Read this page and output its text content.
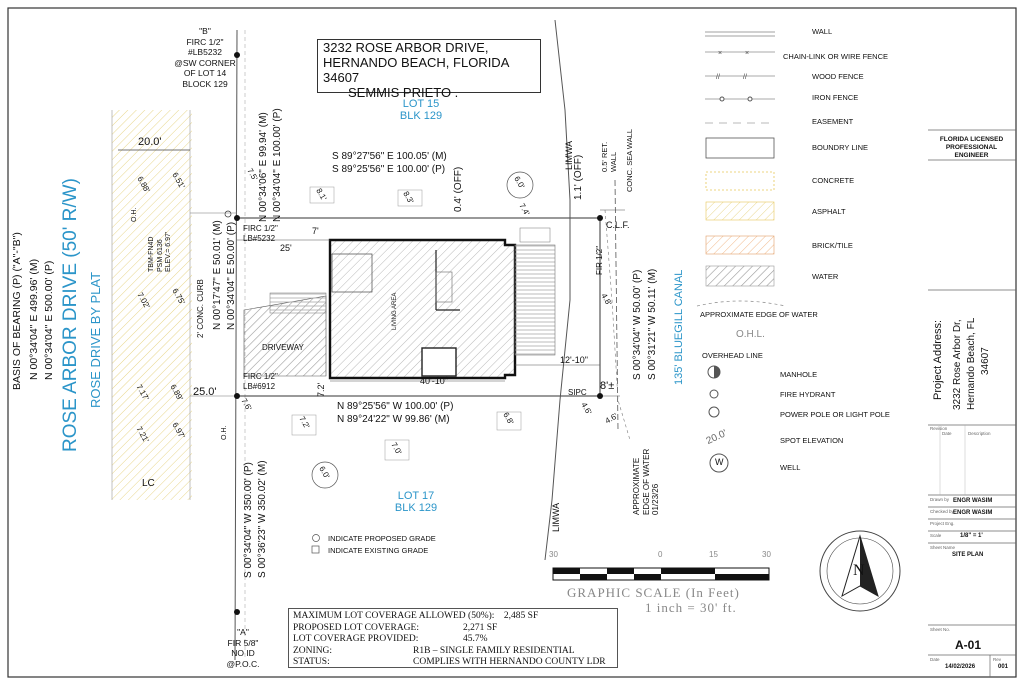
×	×
//	//
3232 ROSE ARBOR DRIVE,
HERNANDO BEACH, FLORIDA 34607
SEMMIS PRIETO .
LOT 15
BLK 129
LOT 17
BLK 129
ROSE ARBOR DRIVE (50' R/W) ROSE DRIVE BY PLAT
BASIS OF BEARING (P) ("A"-"B") N 00°34'04" E 499.96' (M) N 00°34'04" E 500.00' (P)	135' BLUEGILL CANAL
S 89°27'56" E 100.05' (M)
S 89°25'56" E 100.00' (P)
N 89°25'56" W 100.00' (P)
N 89°24'22" W 99.86' (M)
N 00°17'47" E 50.01' (M) N 00°34'04" E 50.00' (P)	S 00°34'04" W 50.00' (P) S 00°31'21" W 50.11' (M)
N 00°34'06" E 99.94' (M) N 00°34'04" E 100.00' (P)
S 00°34'04" W 350.00' (P) S 00°36'23" W 350.02' (M)
"B"
FIRC 1/2"
#LB5232
@SW CORNER
OF LOT 14
BLOCK 129
"A"
FIR 5/8"
NO ID
@P.O.C.
FIRC 1/2"
LB#5232
FIRC 1/2"
LB#6912
20.0'
25'
25.0'
7'
7.2'
40'-10"
12'-10"
8'±
0.4' (OFF)	1.1' (OFF)
C.L.F.
SIPC
FIR 1/2"
LIMWA
LIMWA
0.5' RET. WALL CONC. SEA WALL
2' CONC. CURB
DRIVEWAY
TBM-FN4D PSM 6136 ELEV.= 6.97'
APPROXIMATE EDGE OF WATER 01/23/26
LC
O.H.
O.H.
LIVING AREA
6.88' 6.51'
7.02' 6.75'
7.17' 6.89'
6.97'
7.21'
8.1'	8.3'
7.4'
7.5'
4.8'
4.6'
4.6'
7.6'
7.2'
7.0'
6.8'
6.0'
6.0'
WALL
CHAIN-LINK OR WIRE FENCE
WOOD FENCE
IRON FENCE
EASEMENT
BOUNDRY LINE
CONCRETE
ASPHALT
BRICK/TILE
WATER
APPROXIMATE EDGE OF WATER
O.H.L.
OVERHEAD LINE
MANHOLE
FIRE HYDRANT
POWER POLE OR LIGHT POLE
20.0'	SPOT ELEVATION
W
WELL
INDICATE PROPOSED GRADE
INDICATE EXISTING GRADE	30	0	15	30
GRAPHIC SCALE (In Feet)
1 inch = 30' ft.
N
MAXIMUM LOT COVERAGE ALLOWED (50%): 2,485 SF
PROPOSED LOT COVERAGE:	2,271 SF
LOT COVERAGE PROVIDED:	45.7%
ZONING:	R1B – SINGLE FAMILY RESIDENTIAL
STATUS:	COMPLIES WITH HERNANDO COUNTY LDR
FLORIDA LICENSED PROFESSIONAL ENGINEER
Project Address: 3232 Rose Arbor Dr, Hernando Beach, FL 34607
Revision
Date	Description
Drawn by ENGR WASIM
Checked by ENGR WASIM
Project Eng.
Scale	1/8" = 1'
Sheet Name
SITE PLAN
Sheet No.
A-01
Date
14/02/2026
Rev
001
